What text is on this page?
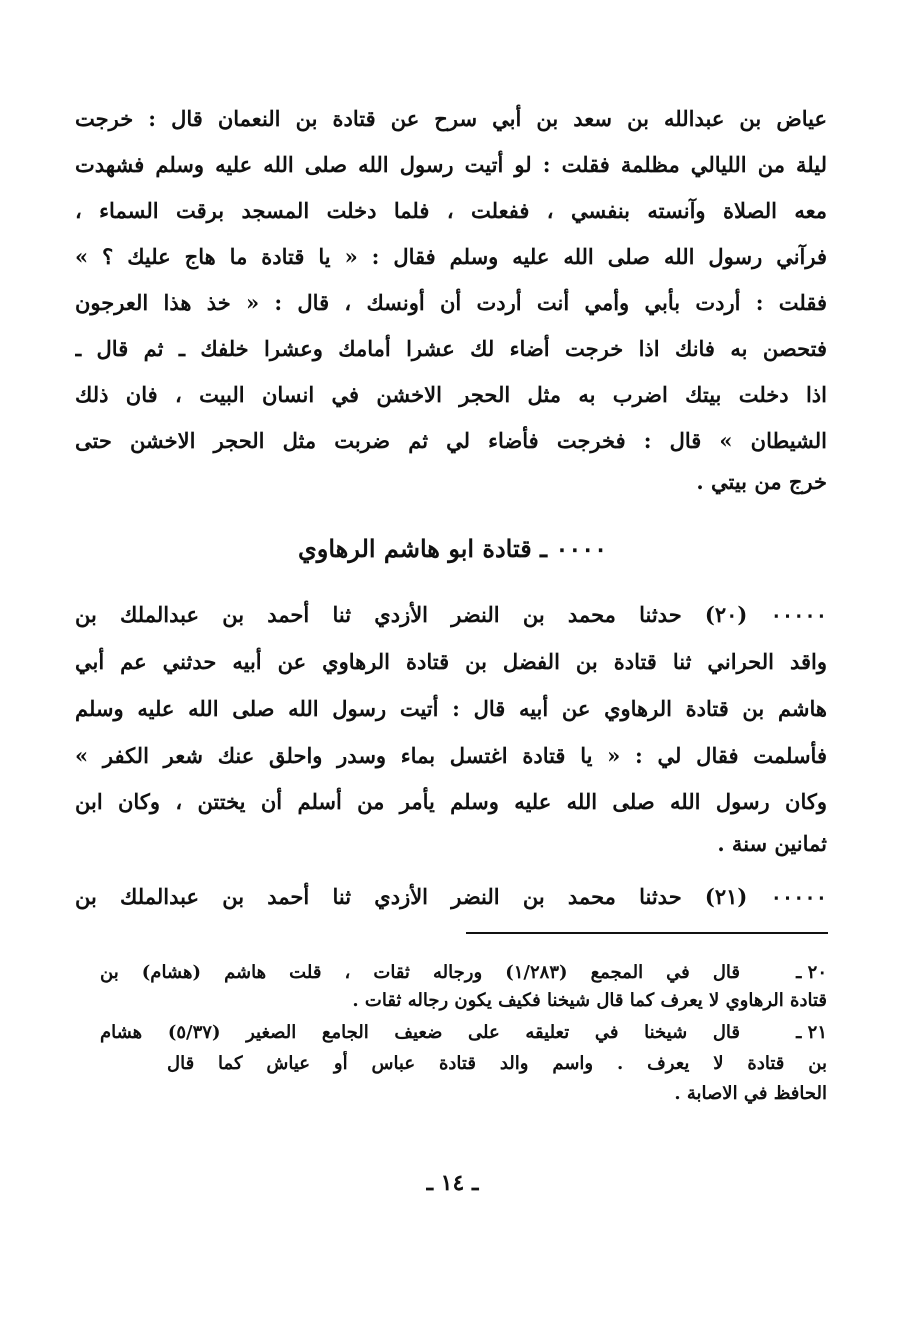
عياض بن عبدالله بن سعد بن أبي سرح عن قتادة بن النعمان قال : خرجت
ليلة من الليالي مظلمة فقلت : لو أتيت رسول الله صلى الله عليه وسلم فشهدت
معه الصلاة وآنسته بنفسي ، ففعلت ، فلما دخلت المسجد برقت السماء ،
فرآني رسول الله صلى الله عليه وسلم فقال : « يا قتادة ما هاج عليك ؟ »
فقلت : أردت بأبي وأمي أنت أردت أن أونسك ، قال : « خذ هذا العرجون
فتحصن به فانك اذا خرجت أضاء لك عشرا أمامك وعشرا خلفك ـ ثم قال ـ
اذا دخلت بيتك اضرب به مثل الحجر الاخشن في انسان البيت ، فان ذلك
الشيطان » قال : فخرجت فأضاء لي ثم ضربت مثل الحجر الاخشن حتى
خرج من بيتي .
٠٠٠٠ ـ قتادة ابو هاشم الرهاوي
٠٠٠٠٠ (٢٠) حدثنا محمد بن النضر الأزدي ثنا أحمد بن عبدالملك بن
واقد الحراني ثنا قتادة بن الفضل بن قتادة الرهاوي عن أبيه حدثني عم أبي
هاشم بن قتادة الرهاوي عن أبيه قال : أتيت رسول الله صلى الله عليه وسلم
فأسلمت فقال لي : « يا قتادة اغتسل بماء وسدر واحلق عنك شعر الكفر »
وكان رسول الله صلى الله عليه وسلم يأمر من أسلم أن يختتن ، وكان ابن
ثمانين سنة .
٠٠٠٠٠ (٢١) حدثنا محمد بن النضر الأزدي ثنا أحمد بن عبدالملك بن
٢٠ ـ
قال في المجمع (١/٢٨٣) ورجاله ثقات ، قلت هاشم (هشام) بن
قتادة الرهاوي لا يعرف كما قال شيخنا فكيف يكون رجاله ثقات .
٢١ ـ
قال شيخنا في تعليقه على ضعيف الجامع الصغير (٥/٣٧) هشام
بن قتادة لا يعرف . واسم والد قتادة عباس أو عياش كما قال
الحافظ في الاصابة .
ـ ١٤ ـ
